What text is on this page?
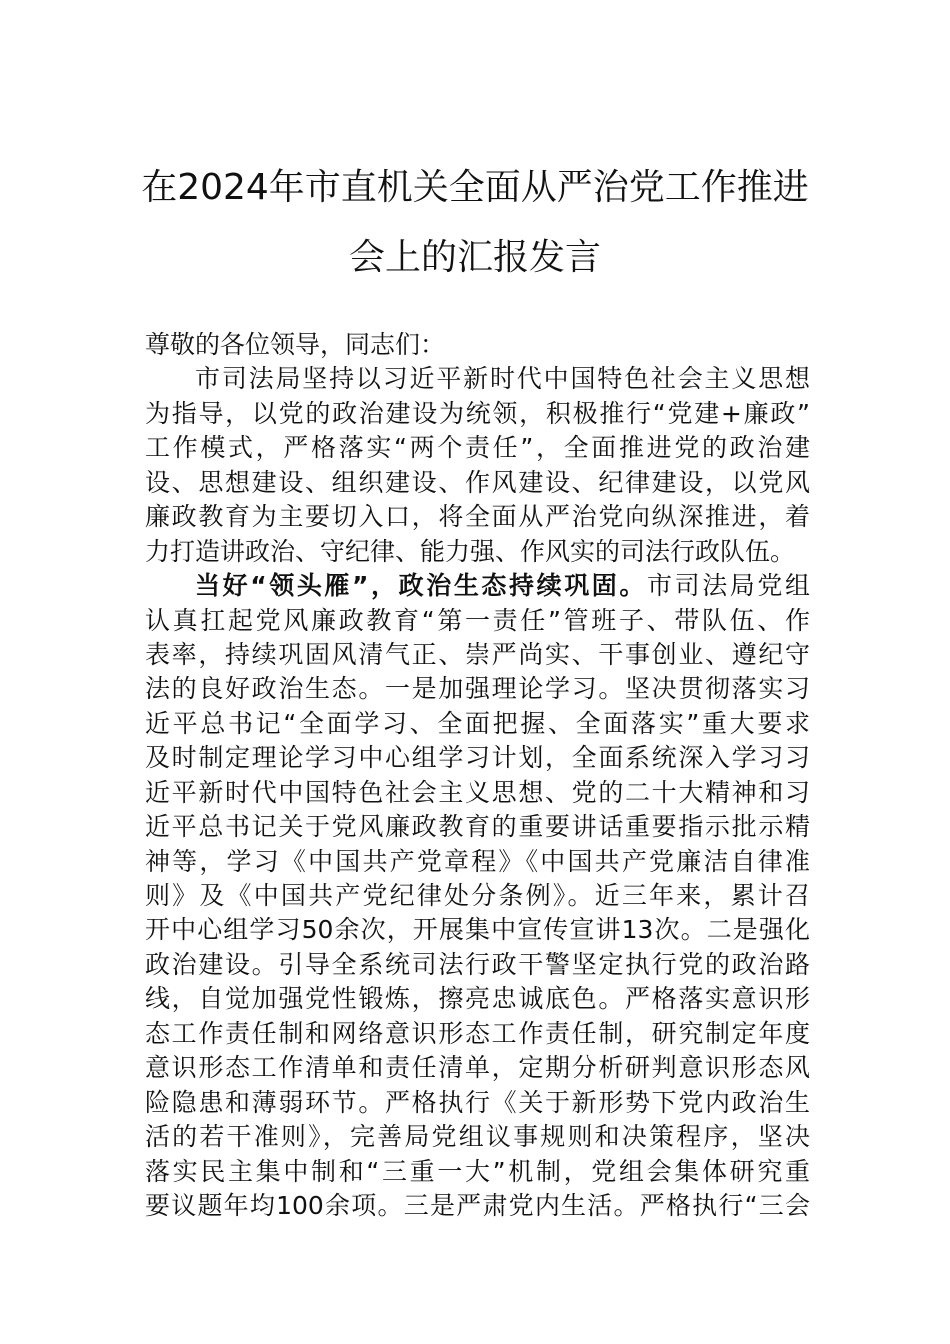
在2024年市直机关全面从严治党工作推进
会上的汇报发言
尊敬的各位领导，同志们：
市司法局坚持以习近平新时代中国特色社会主义思想
为指导，以党的政治建设为统领，积极推行“党建+廉政”
工作模式，严格落实“两个责任”，全面推进党的政治建
设、思想建设、组织建设、作风建设、纪律建设，以党风
廉政教育为主要切入口，将全面从严治党向纵深推进，着
力打造讲政治、守纪律、能力强、作风实的司法行政队伍。
当好“领头雁”，政治生态持续巩固。市司法局党组
认真扛起党风廉政教育“第一责任”管班子、带队伍、作
表率，持续巩固风清气正、崇严尚实、干事创业、遵纪守
法的良好政治生态。一是加强理论学习。坚决贯彻落实习
近平总书记“全面学习、全面把握、全面落实”重大要求
及时制定理论学习中心组学习计划，全面系统深入学习习
近平新时代中国特色社会主义思想、党的二十大精神和习
近平总书记关于党风廉政教育的重要讲话重要指示批示精
神等，学习《中国共产党章程》《中国共产党廉洁自律准
则》及《中国共产党纪律处分条例》。近三年来，累计召
开中心组学习50余次，开展集中宣传宣讲13次。二是强化
政治建设。引导全系统司法行政干警坚定执行党的政治路
线，自觉加强党性锻炼，擦亮忠诚底色。严格落实意识形
态工作责任制和网络意识形态工作责任制，研究制定年度
意识形态工作清单和责任清单，定期分析研判意识形态风
险隐患和薄弱环节。严格执行《关于新形势下党内政治生
活的若干准则》，完善局党组议事规则和决策程序，坚决
落实民主集中制和“三重一大”机制，党组会集体研究重
要议题年均100余项。三是严肃党内生活。严格执行“三会
